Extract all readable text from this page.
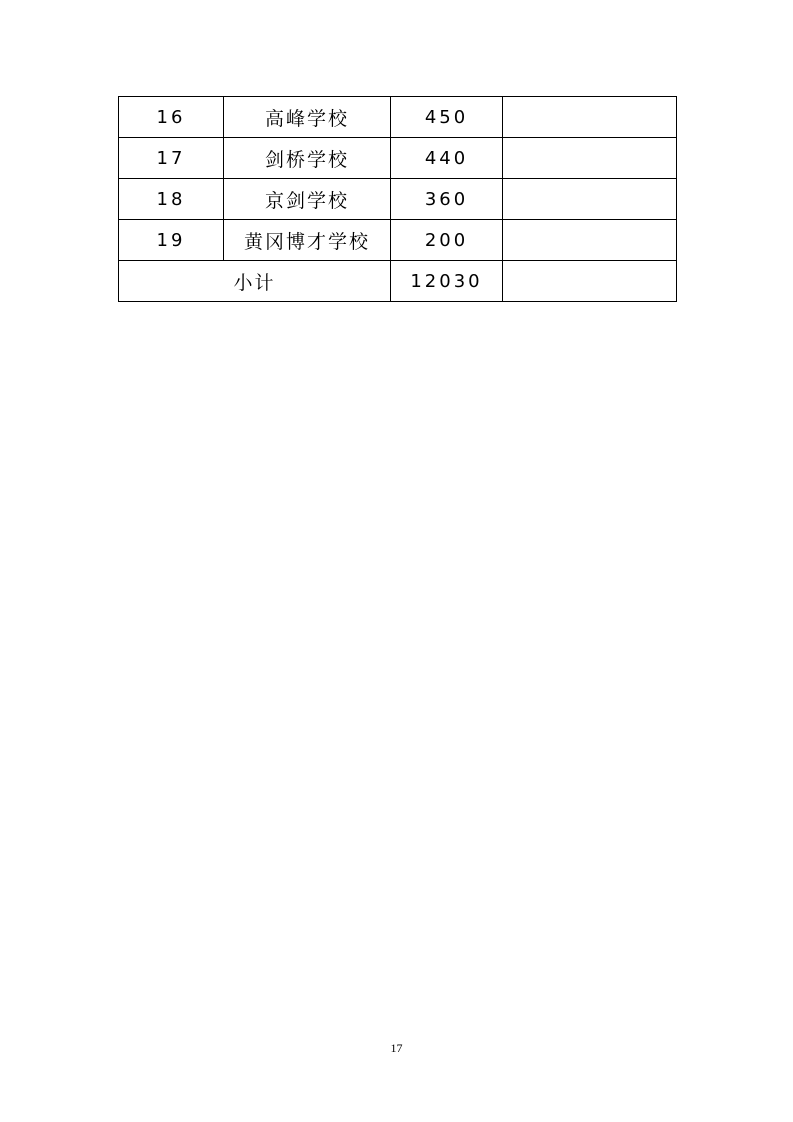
16	高峰学校	450	
17	剑桥学校	440	
18	京剑学校	360	
19	黄冈博才学校	200	
小计		12030	
17
